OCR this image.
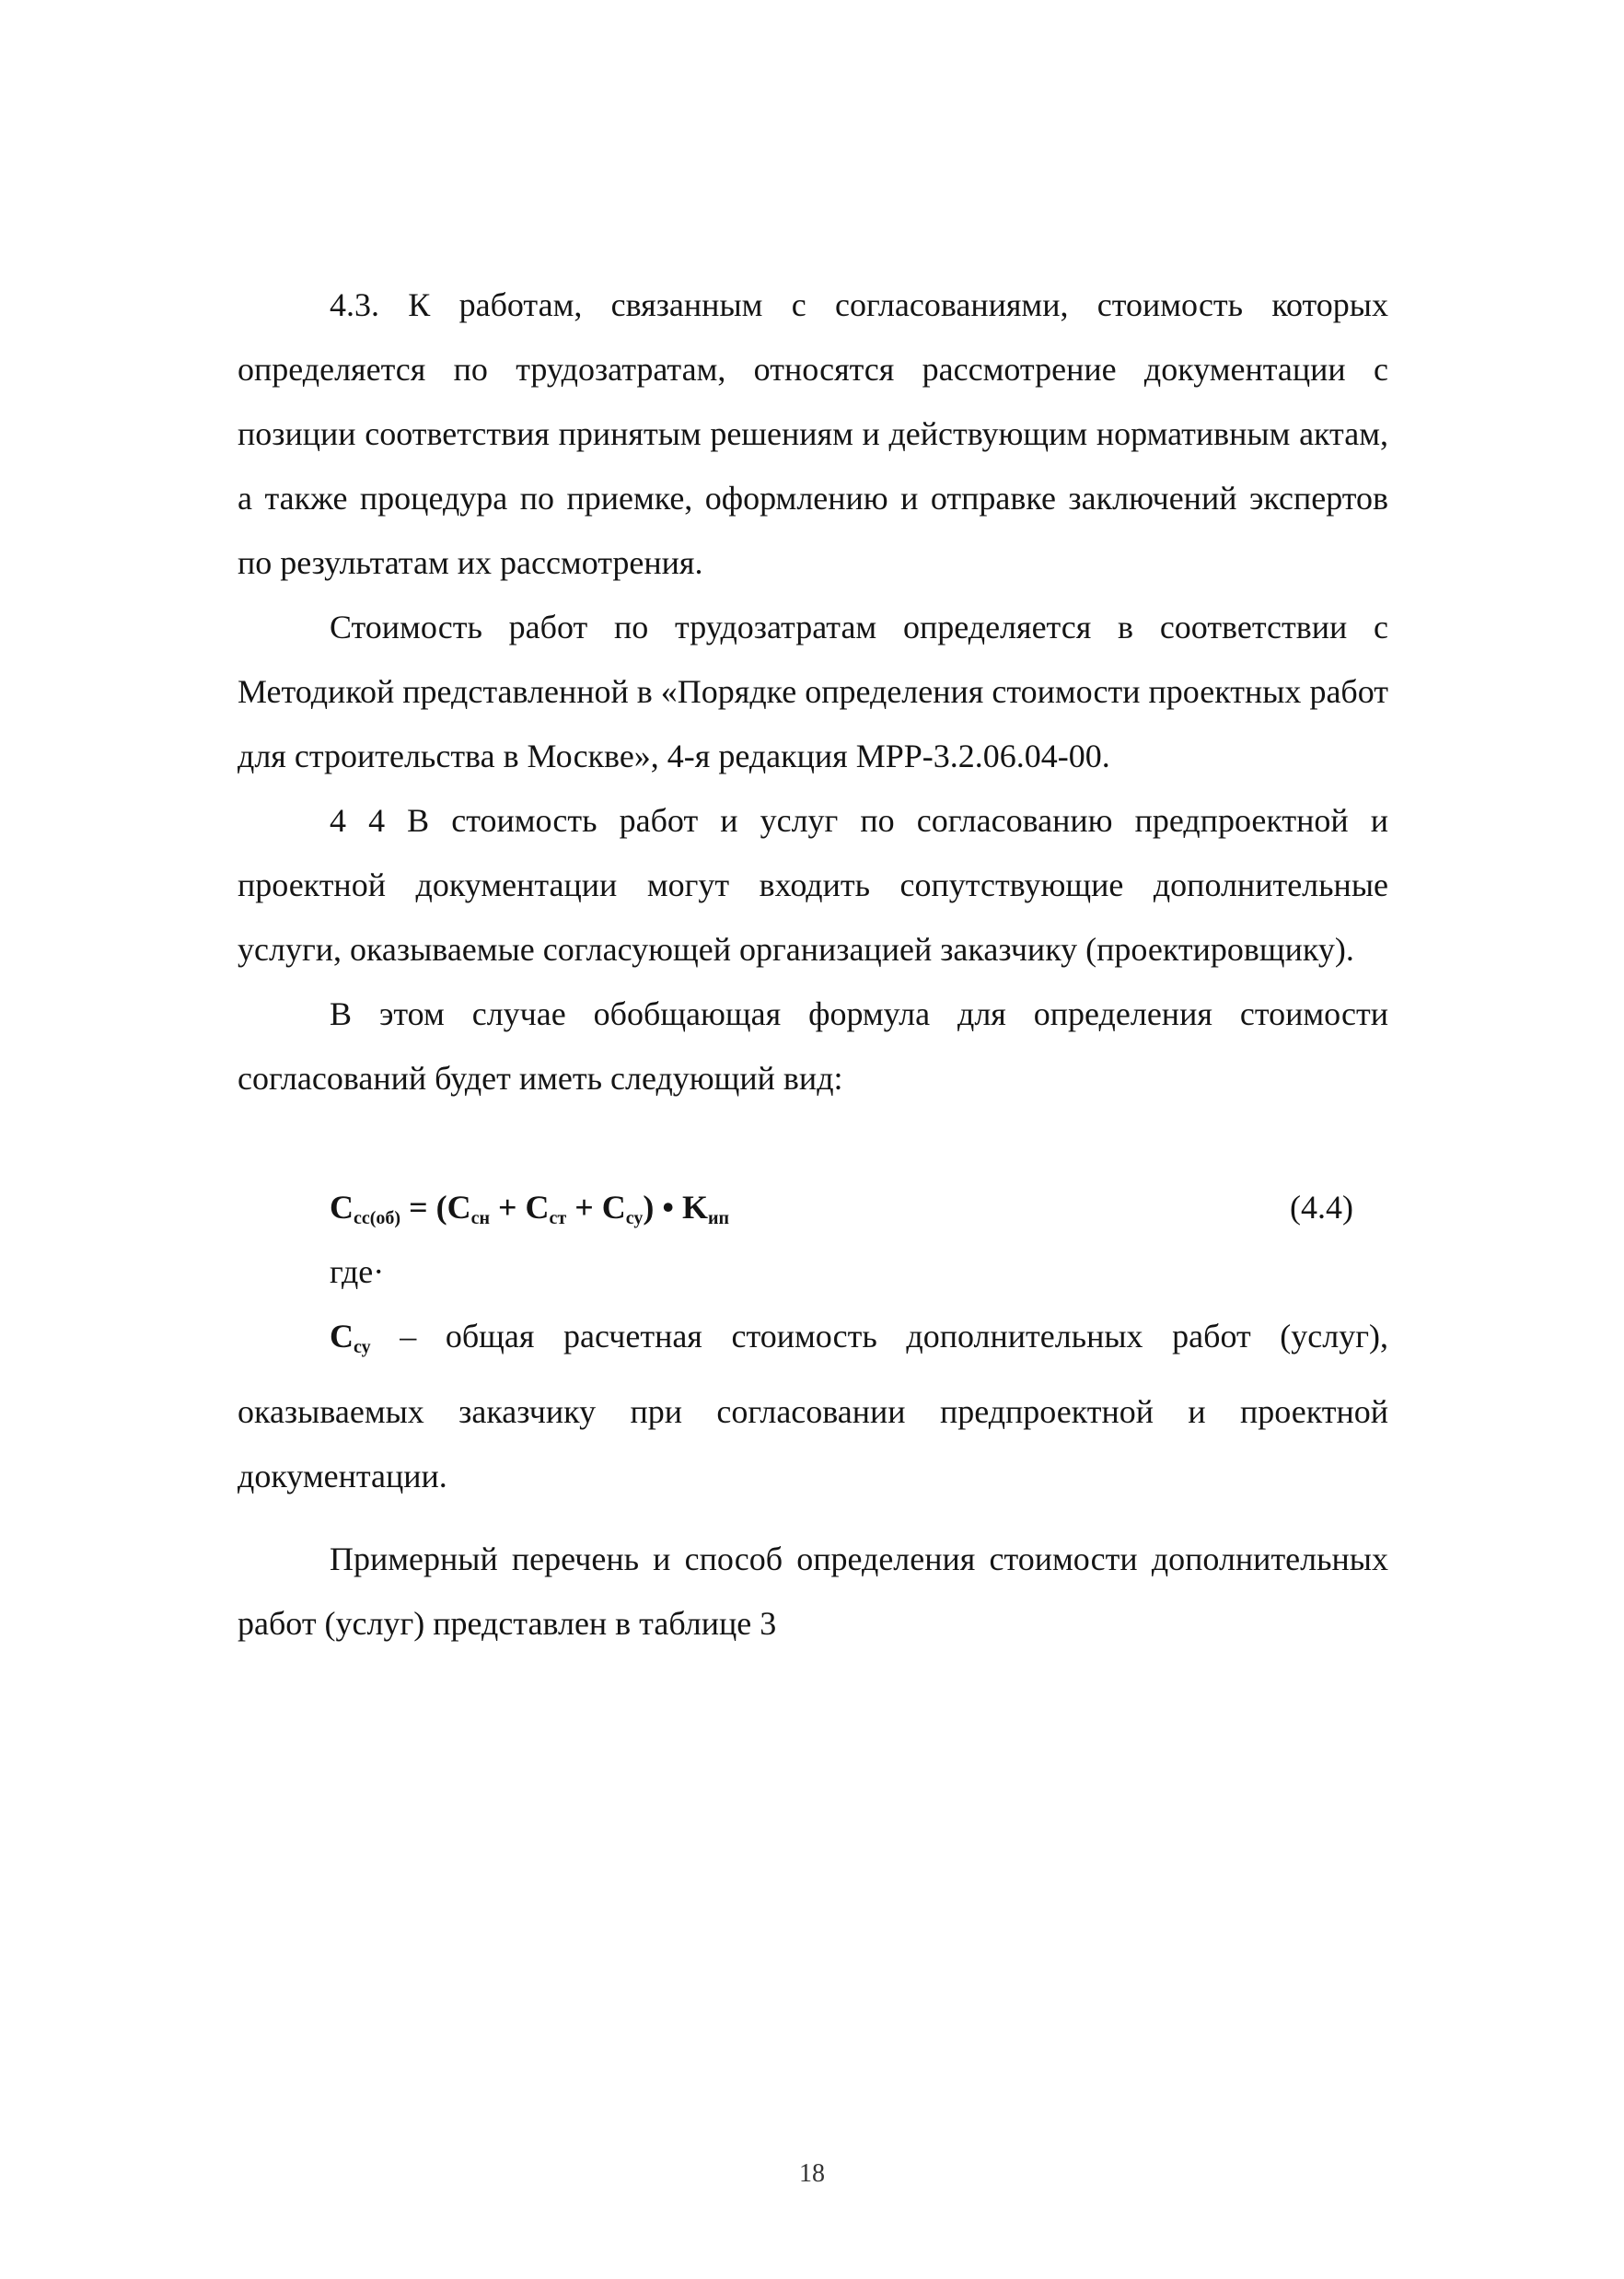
4.3. К работам, связанным с согласованиями, стоимость которых определяется по трудозатратам, относятся рассмотрение документации с позиции соответствия принятым решениям и действующим нормативным актам, а также процедура по приемке, оформлению и отправке заключений экспертов по результатам их рассмотрения.

Стоимость работ по трудозатратам определяется в соответствии с Методикой представленной в «Порядке определения стоимости проектных работ для строительства в Москве», 4-я редакция МРР-3.2.06.04-00.

4 4 В стоимость работ и услуг по согласованию предпроектной и проектной документации могут входить сопутствующие дополнительные услуги, оказываемые согласующей организацией заказчику (проектировщику).

В этом случае обобщающая формула для определения стоимости согласований будет иметь следующий вид:

$C_{cc(об)} = (C_{сн} + C_{ст} + C_{су})$ • $K_{ип}$	(4.4)
где·

$C_{су}$ – общая расчетная стоимость дополнительных работ (услуг), оказываемых заказчику при согласовании предпроектной и проектной документации.

Примерный перечень и способ определения стоимости дополнительных работ (услуг) представлен в таблице 3

18
